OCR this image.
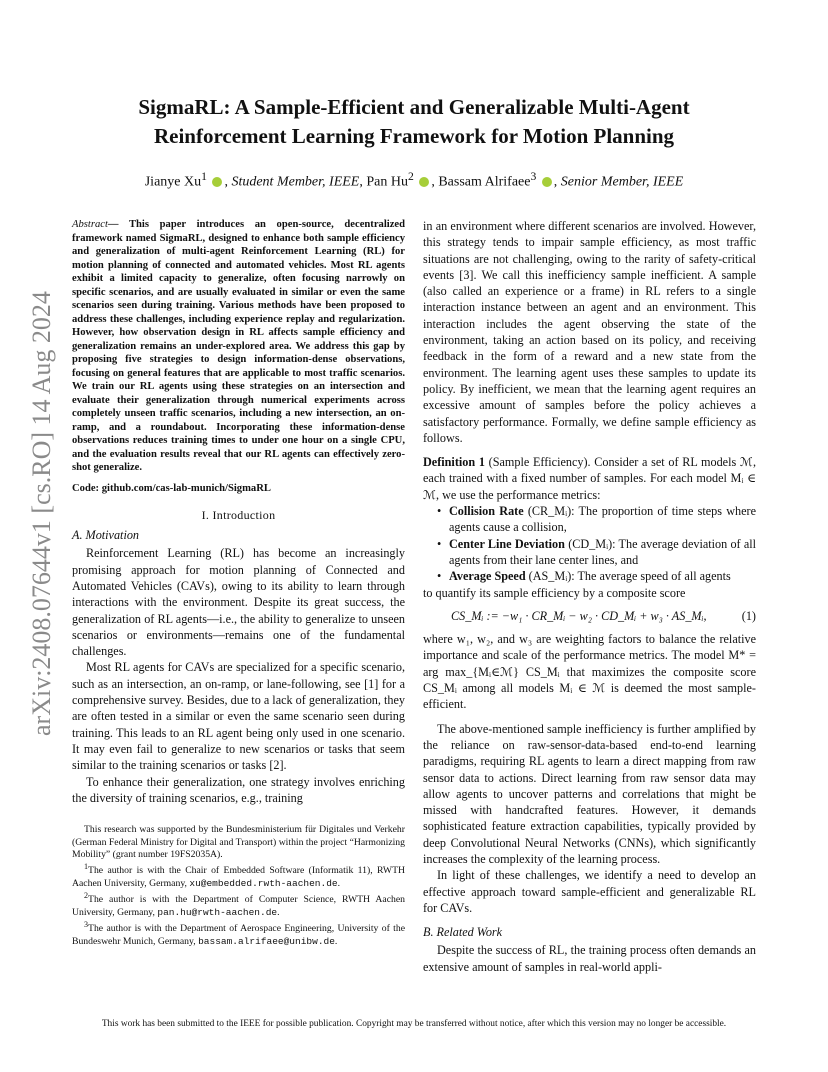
arXiv:2408.07644v1 [cs.RO] 14 Aug 2024
SigmaRL: A Sample-Efficient and Generalizable Multi-Agent
Reinforcement Learning Framework for Motion Planning
Jianye Xu$^1$ , Student Member, IEEE, Pan Hu$^2$ , Bassam Alrifaee$^3$ , Senior Member, IEEE
Abstract— This paper introduces an open-source, decentralized framework named SigmaRL, designed to enhance both sample efficiency and generalization of multi-agent Reinforcement Learning (RL) for motion planning of connected and automated vehicles. Most RL agents exhibit a limited capacity to generalize, often focusing narrowly on specific scenarios, and are usually evaluated in similar or even the same scenarios seen during training. Various methods have been proposed to address these challenges, including experience replay and regularization. However, how observation design in RL affects sample efficiency and generalization remains an under-explored area. We address this gap by proposing five strategies to design information-dense observations, focusing on general features that are applicable to most traffic scenarios. We train our RL agents using these strategies on an intersection and evaluate their generalization through numerical experiments across completely unseen traffic scenarios, including a new intersection, an on-ramp, and a roundabout. Incorporating these information-dense observations reduces training times to under one hour on a single CPU, and the evaluation results reveal that our RL agents can effectively zero-shot generalize.
Code: github.com/cas-lab-munich/SigmaRL
I. Introduction
A. Motivation

Reinforcement Learning (RL) has become an increasingly promising approach for motion planning of Connected and Automated Vehicles (CAVs), owing to its ability to learn through interactions with the environment. Despite its great success, the generalization of RL agents—i.e., the ability to generalize to unseen scenarios or environments—remains one of the fundamental challenges.

Most RL agents for CAVs are specialized for a specific scenario, such as an intersection, an on-ramp, or lane-following, see [1] for a comprehensive survey. Besides, due to a lack of generalization, they are often tested in a similar or even the same scenario seen during training. This leads to an RL agent being only used in one scenario. It may even fail to generalize to new scenarios or tasks that seem similar to the training scenarios or tasks [2].

To enhance their generalization, one strategy involves enriching the diversity of training scenarios, e.g., training

This research was supported by the Bundesministerium für Digitales und Verkehr (German Federal Ministry for Digital and Transport) within the project “Harmonizing Mobility” (grant number 19FS2035A).
$^1$The author is with the Chair of Embedded Software (Informatik 11), RWTH Aachen University, Germany, xu@embedded.rwth-aachen.de.
$^2$The author is with the Department of Computer Science, RWTH Aachen University, Germany, pan.hu@rwth-aachen.de.
$^3$The author is with the Department of Aerospace Engineering, University of the Bundeswehr Munich, Germany, bassam.alrifaee@unibw.de.

in an environment where different scenarios are involved. However, this strategy tends to impair sample efficiency, as most traffic situations are not challenging, owing to the rarity of safety-critical events [3]. We call this inefficiency sample inefficient. A sample (also called an experience or a frame) in RL refers to a single interaction instance between an agent and an environment. This interaction includes the agent observing the state of the environment, taking an action based on its policy, and receiving feedback in the form of a reward and a new state from the environment. The learning agent uses these samples to update its policy. By inefficient, we mean that the learning agent requires an excessive amount of samples before the policy achieves a satisfactory performance. Formally, we define sample efficiency as follows.

Definition 1 (Sample Efficiency). Consider a set of RL models ℳ, each trained with a fixed number of samples. For each model Mᵢ ∈ ℳ, we use the performance metrics:
• Collision Rate (CR_Mᵢ): The proportion of time steps where agents cause a collision,
• Center Line Deviation (CD_Mᵢ): The average deviation of all agents from their lane center lines, and
• Average Speed (AS_Mᵢ): The average speed of all agents
to quantify its sample efficiency by a composite score
CS_Mᵢ := −w₁ · CR_Mᵢ − w₂ · CD_Mᵢ + w₃ · AS_Mᵢ,	(1)
where w₁, w₂, and w₃ are weighting factors to balance the relative importance and scale of the performance metrics. The model M* = arg max_{Mᵢ∈ℳ} CS_Mᵢ that maximizes the composite score CS_Mᵢ among all models Mᵢ ∈ ℳ is deemed the most sample-efficient.

The above-mentioned sample inefficiency is further amplified by the reliance on raw-sensor-data-based end-to-end learning paradigms, requiring RL agents to learn a direct mapping from raw sensor data to actions. Direct learning from raw sensor data may allow agents to uncover patterns and correlations that might be missed with handcrafted features. However, it demands sophisticated feature extraction capabilities, typically provided by deep Convolutional Neural Networks (CNNs), which significantly increases the complexity of the learning process.

In light of these challenges, we identify a need to develop an effective approach toward sample-efficient and generalizable RL for CAVs.

B. Related Work

Despite the success of RL, the training process often demands an extensive amount of samples in real-world appli-

This work has been submitted to the IEEE for possible publication. Copyright may be transferred without notice, after which this version may no longer be accessible.
